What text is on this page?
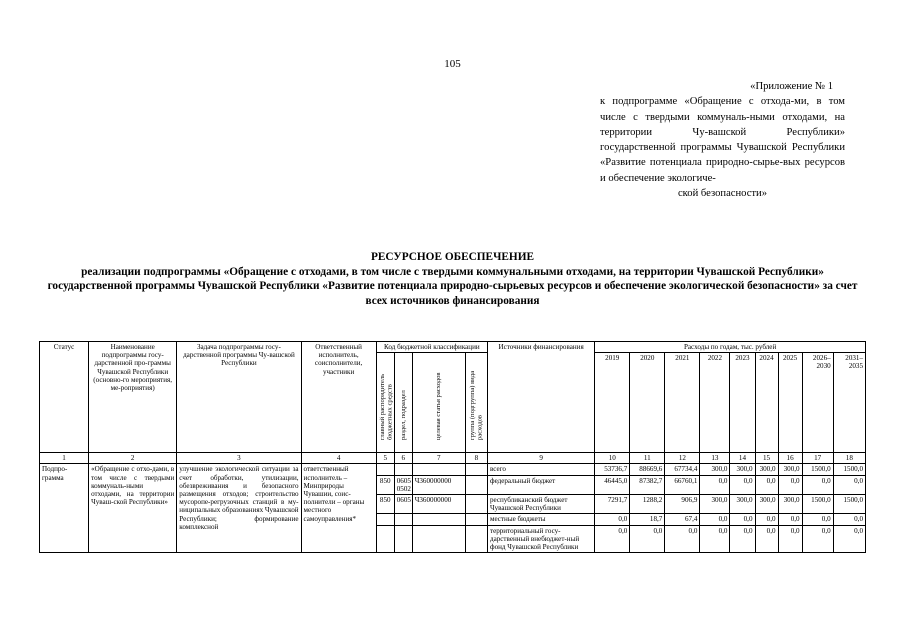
105
«Приложение № 1
к подпрограмме «Обращение с отхода-ми, в том числе с твердыми коммуналь-ными отходами, на территории Чу-вашской Республики» государственной программы Чувашской Республики «Развитие потенциала природно-сырье-вых ресурсов и обеспечение экологиче-
ской безопасности»
РЕСУРСНОЕ ОБЕСПЕЧЕНИЕ
реализации подпрограммы «Обращение с отходами, в том числе с твердыми коммунальными отходами, на территории Чувашской Республики» государственной программы Чувашской Республики «Развитие потенциала природно-сырьевых ресурсов и обеспечение экологической безопасности» за счет всех источников финансирования
Статус	Наименование подпрограммы госу-дарственной про-граммы Чувашской Республики (основно-го мероприятия, ме-роприятия)	Задача подпрограммы госу-дарственной программы Чу-вашской Республики	Ответственный исполнитель, соисполнители, участники	Код бюджетной классификации				Источники финансирования	Расходы по годам, тыс. рублей								

				главный распорядитель бюджетных средств	раздел, подраздел	целевая статья расходов	группа (подгруппа) вида расходов		2019	2020	2021	2022	2023	2024	2025	2026–2030	2031–2035
1	2	3	4	5	6	7	8	9	10	11	12	13	14	15	16	17	18
Подпро-грамма	«Обращение с отхо-дами, в том числе с твердыми коммуналь-ными отходами, на территории Чуваш-ской Республики»	улучшение экологической ситуации за счет обработки, утилизации, обезвреживания и безопасного размещения отходов; строительство мусоропе-регрузочных станций в му-ниципальных образованиях Чувашской Республики; формирование комплексной	ответственный исполнитель – Минприроды Чувашии, соис-полнители – органы местного самоуправления*					всего	53736,7	88669,6	67734,4	300,0	300,0	300,0	300,0	1500,0	1500,0
				850	0605 0502	Ч360000000		федеральный бюджет	46445,0	87382,7	66760,1	0,0	0,0	0,0	0,0	0,0	0,0
				850	0605	Ч360000000		республиканский бюджет Чувашской Республики	7291,7	1288,2	906,9	300,0	300,0	300,0	300,0	1500,0	1500,0
								местные бюджеты	0,0	18,7	67,4	0,0	0,0	0,0	0,0	0,0	0,0
								территориальный госу-дарственный внебюджет-ный фонд Чувашской Республики	0,0	0,0	0,0	0,0	0,0	0,0	0,0	0,0	0,0
